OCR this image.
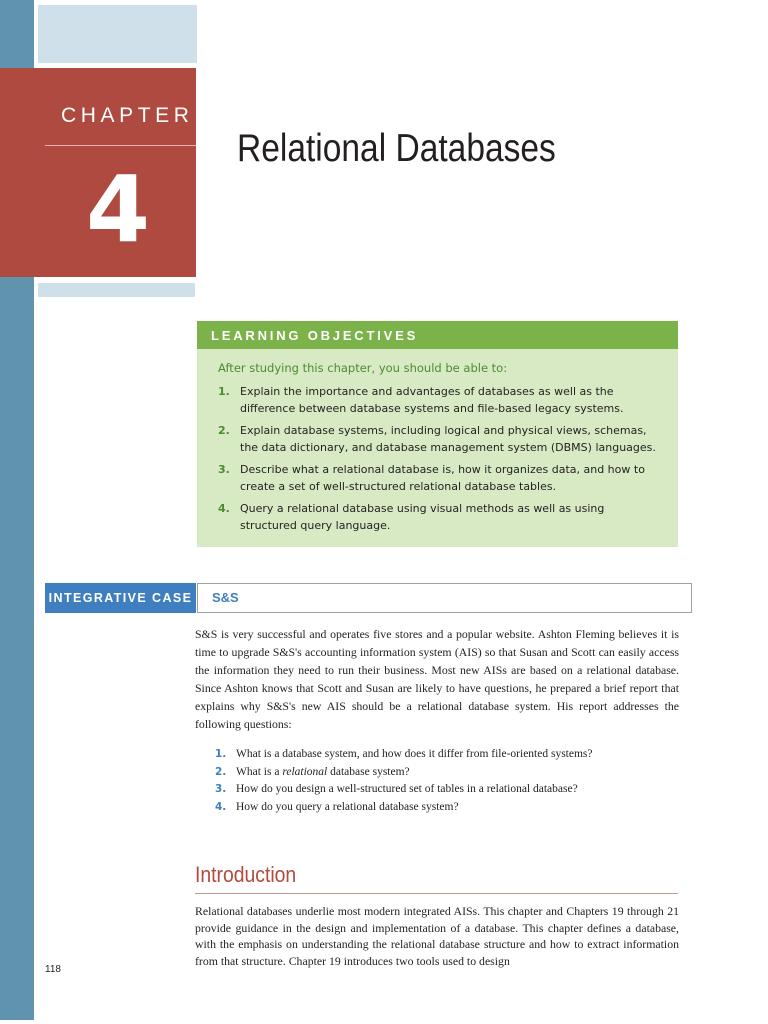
CHAPTER
4
Relational Databases
LEARNING OBJECTIVES
After studying this chapter, you should be able to:
1. Explain the importance and advantages of databases as well as the difference between database systems and file-based legacy systems.
2. Explain database systems, including logical and physical views, schemas, the data dictionary, and database management system (DBMS) languages.
3. Describe what a relational database is, how it organizes data, and how to create a set of well-structured relational database tables.
4. Query a relational database using visual methods as well as using structured query language.
INTEGRATIVE CASE	S&S

S&S is very successful and operates five stores and a popular website. Ashton Fleming believes it is time to upgrade S&S's accounting information system (AIS) so that Susan and Scott can easily access the information they need to run their business. Most new AISs are based on a relational database. Since Ashton knows that Scott and Susan are likely to have questions, he prepared a brief report that explains why S&S's new AIS should be a relational database system. His report addresses the following questions:

1. What is a database system, and how does it differ from file-oriented systems?
2. What is a relational database system?
3. How do you design a well-structured set of tables in a relational database?
4. How do you query a relational database system?
Introduction

Relational databases underlie most modern integrated AISs. This chapter and Chapters 19 through 21 provide guidance in the design and implementation of a database. This chapter defines a database, with the emphasis on understanding the relational database structure and how to extract information from that structure. Chapter 19 introduces two tools used to design

118
